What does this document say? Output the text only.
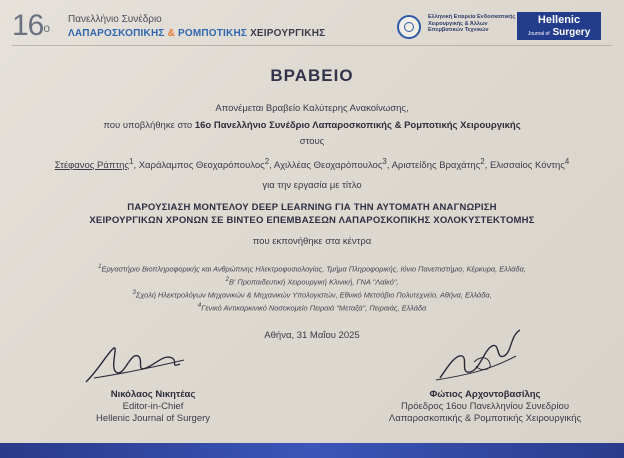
$16^o$
Πανελλήνιο Συνέδριο
ΛΑΠΑΡΟΣΚΟΠΙΚΗΣ & ΡΟΜΠΟΤΙΚΗΣ ΧΕΙΡΟΥΡΓΙΚΗΣ
Ελληνική Εταιρεία Ενδοσκοπικής Χειρουργικής & Άλλων Επεμβατικών Τεχνικών
Hellenic
Journal of Surgery
ΒΡΑΒΕΙΟ
Απονέμεται Βραβείο Καλύτερης Ανακοίνωσης,
που υποβλήθηκε στο 16ο Πανελλήνιο Συνέδριο Λαπαροσκοπικής & Ρομποτικής Χειρουργικής
στους
Στέφανος Ράπτης$^1$, Χαράλαμπος Θεοχαρόπουλος$^2$, Αχιλλέας Θεοχαρόπουλος$^3$, Αριστείδης Βραχάτης$^2$, Ελισσαίος Κόντης$^4$
για την εργασία με τίτλο
ΠΑΡΟΥΣΙΑΣΗ ΜΟΝΤΕΛΟΥ DEEP LEARNING ΓΙΑ ΤΗΝ ΑΥΤΟΜΑΤΗ ΑΝΑΓΝΩΡΙΣΗ
ΧΕΙΡΟΥΡΓΙΚΩΝ ΧΡΟΝΩΝ ΣΕ ΒΙΝΤΕΟ ΕΠΕΜΒΑΣΕΩΝ ΛΑΠΑΡΟΣΚΟΠΙΚΗΣ ΧΟΛΟΚΥΣΤΕΚΤΟΜΗΣ
που εκπονήθηκε στα κέντρα
$^1$Εργαστήριο Βιοπληροφορικής και Ανθρώπινης Ηλεκτροφυσιολογίας, Τμήμα Πληροφορικής, Ιόνιο Πανεπιστήμιο, Κέρκυρα, Ελλάδα,
$^2$Β' Προπαιδευτική Χειρουργική Κλινική, ΓΝΑ "Λαϊκό",
$^3$Σχολή Ηλεκτρολόγων Μηχανικών & Μηχανικών Υπολογιστών, Εθνικό Μετσόβιο Πολυτεχνείο, Αθήνα, Ελλάδα,
$^4$Γενικό Αντικαρκινικό Νοσοκομείο Πειραιά "Μεταξά", Πειραιάς, Ελλάδα
Αθήνα, 31 Μαΐου 2025
Νικόλαος Νικητέας
Editor-in-Chief
Hellenic Journal of Surgery
Φώτιος Αρχοντοβασίλης
Πρόεδρος 16ου Πανελληνίου Συνεδρίου
Λαπαροσκοπικής & Ρομποτικής Χειρουργικής
